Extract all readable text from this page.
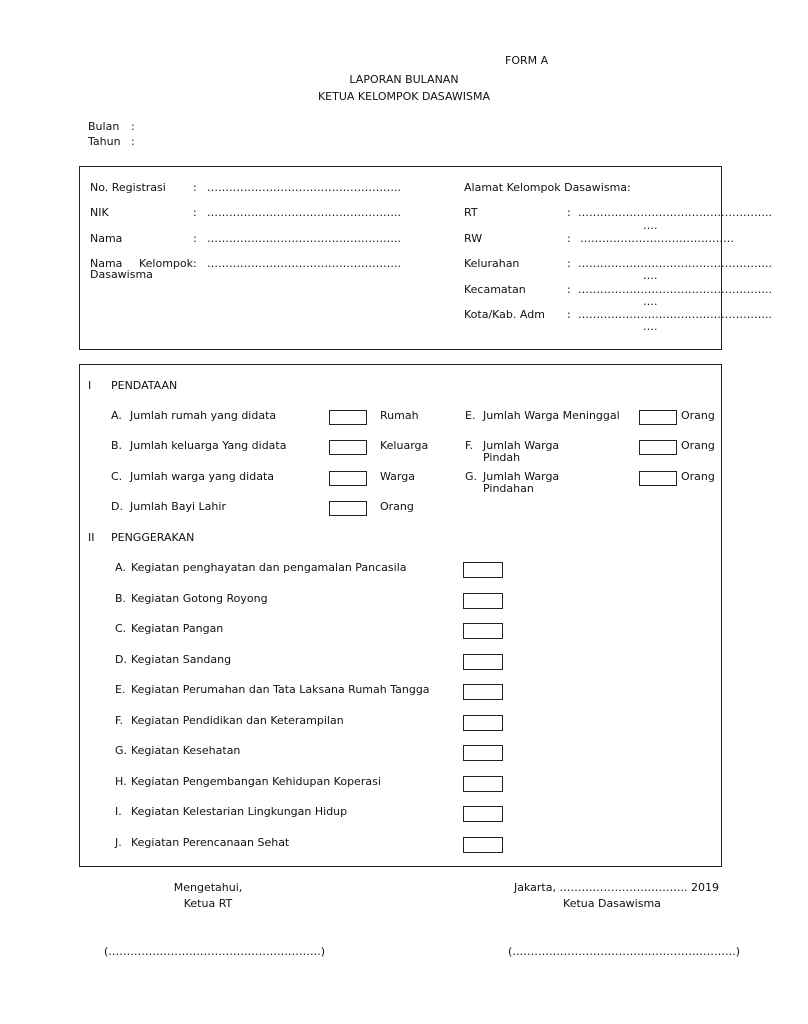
FORM A
LAPORAN BULANAN
KETUA KELOMPOK DASAWISMA
Bulan :
Tahun :
No. Registrasi : ……………………………………………..
NIK	: ……………………………………………..
Nama	: ……………………………………………..
Nama Kelompok : ……………………………………………..
Dasawisma
Alamat Kelompok Dasawisma:
RT	: ……………………………………………..
….
RW	: ……………………………………
Kelurahan	: ……………………………………………..
….
Kecamatan	: ……………………………………………..
….
Kota/Kab. Adm : ……………………………………………..
….
I PENDATAAN
A. Jumlah rumah yang didata	Rumah
B. Jumlah keluarga Yang didata	Keluarga
C. Jumlah warga yang didata	Warga
D. Jumlah Bayi Lahir	Orang
E. Jumlah Warga Meninggal	Orang
F. Jumlah Warga
Pindah
Orang
G. Jumlah Warga
Pindahan
Orang
II PENGGERAKAN
A. Kegiatan penghayatan dan pengamalan Pancasila
B. Kegiatan Gotong Royong
C. Kegiatan Pangan
D. Kegiatan Sandang
E. Kegiatan Perumahan dan Tata Laksana Rumah Tangga
F. Kegiatan Pendidikan dan Keterampilan
G. Kegiatan Kesehatan
H. Kegiatan Pengembangan Kehidupan Koperasi
I. Kegiatan Kelestarian Lingkungan Hidup
J. Kegiatan Perencanaan Sehat
Mengetahui,
Ketua RT
Jakarta, …………………………….. 2019
Ketua Dasawisma
(………………………………………………….)	(…………………………………………………….)
